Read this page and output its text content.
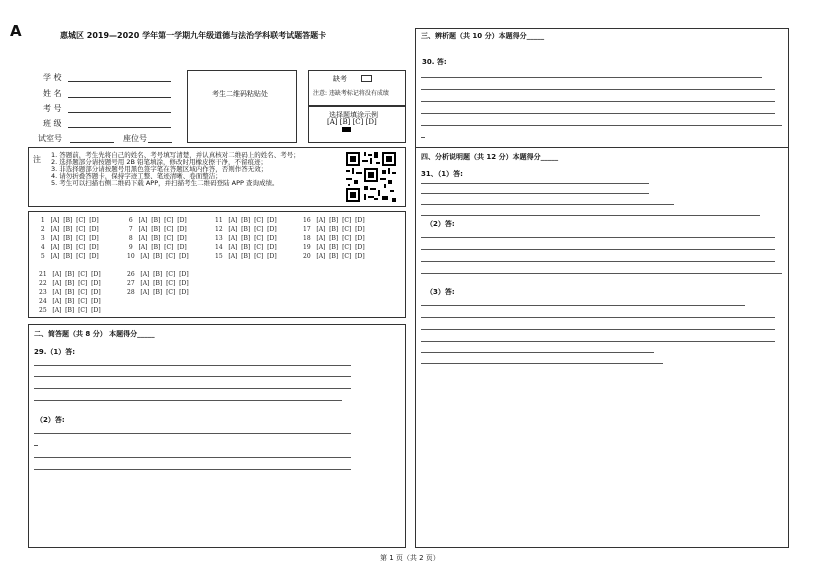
A	惠城区 2019—2020 学年第一学期九年级道德与法治学科联考试题答题卡
学 校
姓 名
考 号
班 级
试室号	座位号
考生二维码粘贴处
缺考
注意: 违缺考标记将没有成绩
选择题填涂示例
[A] [B] [C] [D]
注 1. 答题前，考生先将自己的姓名、考号填写清楚，并认真核对二维码上的姓名、考号；
2. 选择题部分请按题号用 2B 铅笔填涂，修改时用橡皮擦干净，不留痕迹；
3. 非选择题部分请按题号用黑色签字笔在答题区域内作答，否则作答无效；
4. 请勿折叠答题卡，保持字迹工整、笔迹清晰、卷面整洁；
5. 考生可以扫描右侧二维码下载 APP，并扫描考生二维码登陆 APP 查询成绩。
1   [A]  [B]  [C]  [D]
2   [A]  [B]  [C]  [D]
3   [A]  [B]  [C]  [D]
4   [A]  [B]  [C]  [D]
5   [A]  [B]  [C]  [D]
6   [A]  [B]  [C]  [D]
7   [A]  [B]  [C]  [D]
8   [A]  [B]  [C]  [D]
9   [A]  [B]  [C]  [D]
10   [A]  [B]  [C]  [D]
11   [A]  [B]  [C]  [D]
12   [A]  [B]  [C]  [D]
13   [A]  [B]  [C]  [D]
14   [A]  [B]  [C]  [D]
15   [A]  [B]  [C]  [D]
16   [A]  [B]  [C]  [D]
17   [A]  [B]  [C]  [D]
18   [A]  [B]  [C]  [D]
19   [A]  [B]  [C]  [D]
20   [A]  [B]  [C]  [D]
21   [A]  [B]  [C]  [D]
22   [A]  [B]  [C]  [D]
23   [A]  [B]  [C]  [D]
24   [A]  [B]  [C]  [D]
25   [A]  [B]  [C]  [D]
26   [A]  [B]  [C]  [D]
27   [A]  [B]  [C]  [D]
28   [A]  [B]  [C]  [D]
二、简答题（共 8 分） 本题得分_____
29.（1）答:
（2）答:
三、辨析题（共 10 分）本题得分_____
30. 答:
四、分析说明题（共 12 分）本题得分_____
31、（1）答:
（2）答:
（3）答:
第 1 页（共 2 页）
